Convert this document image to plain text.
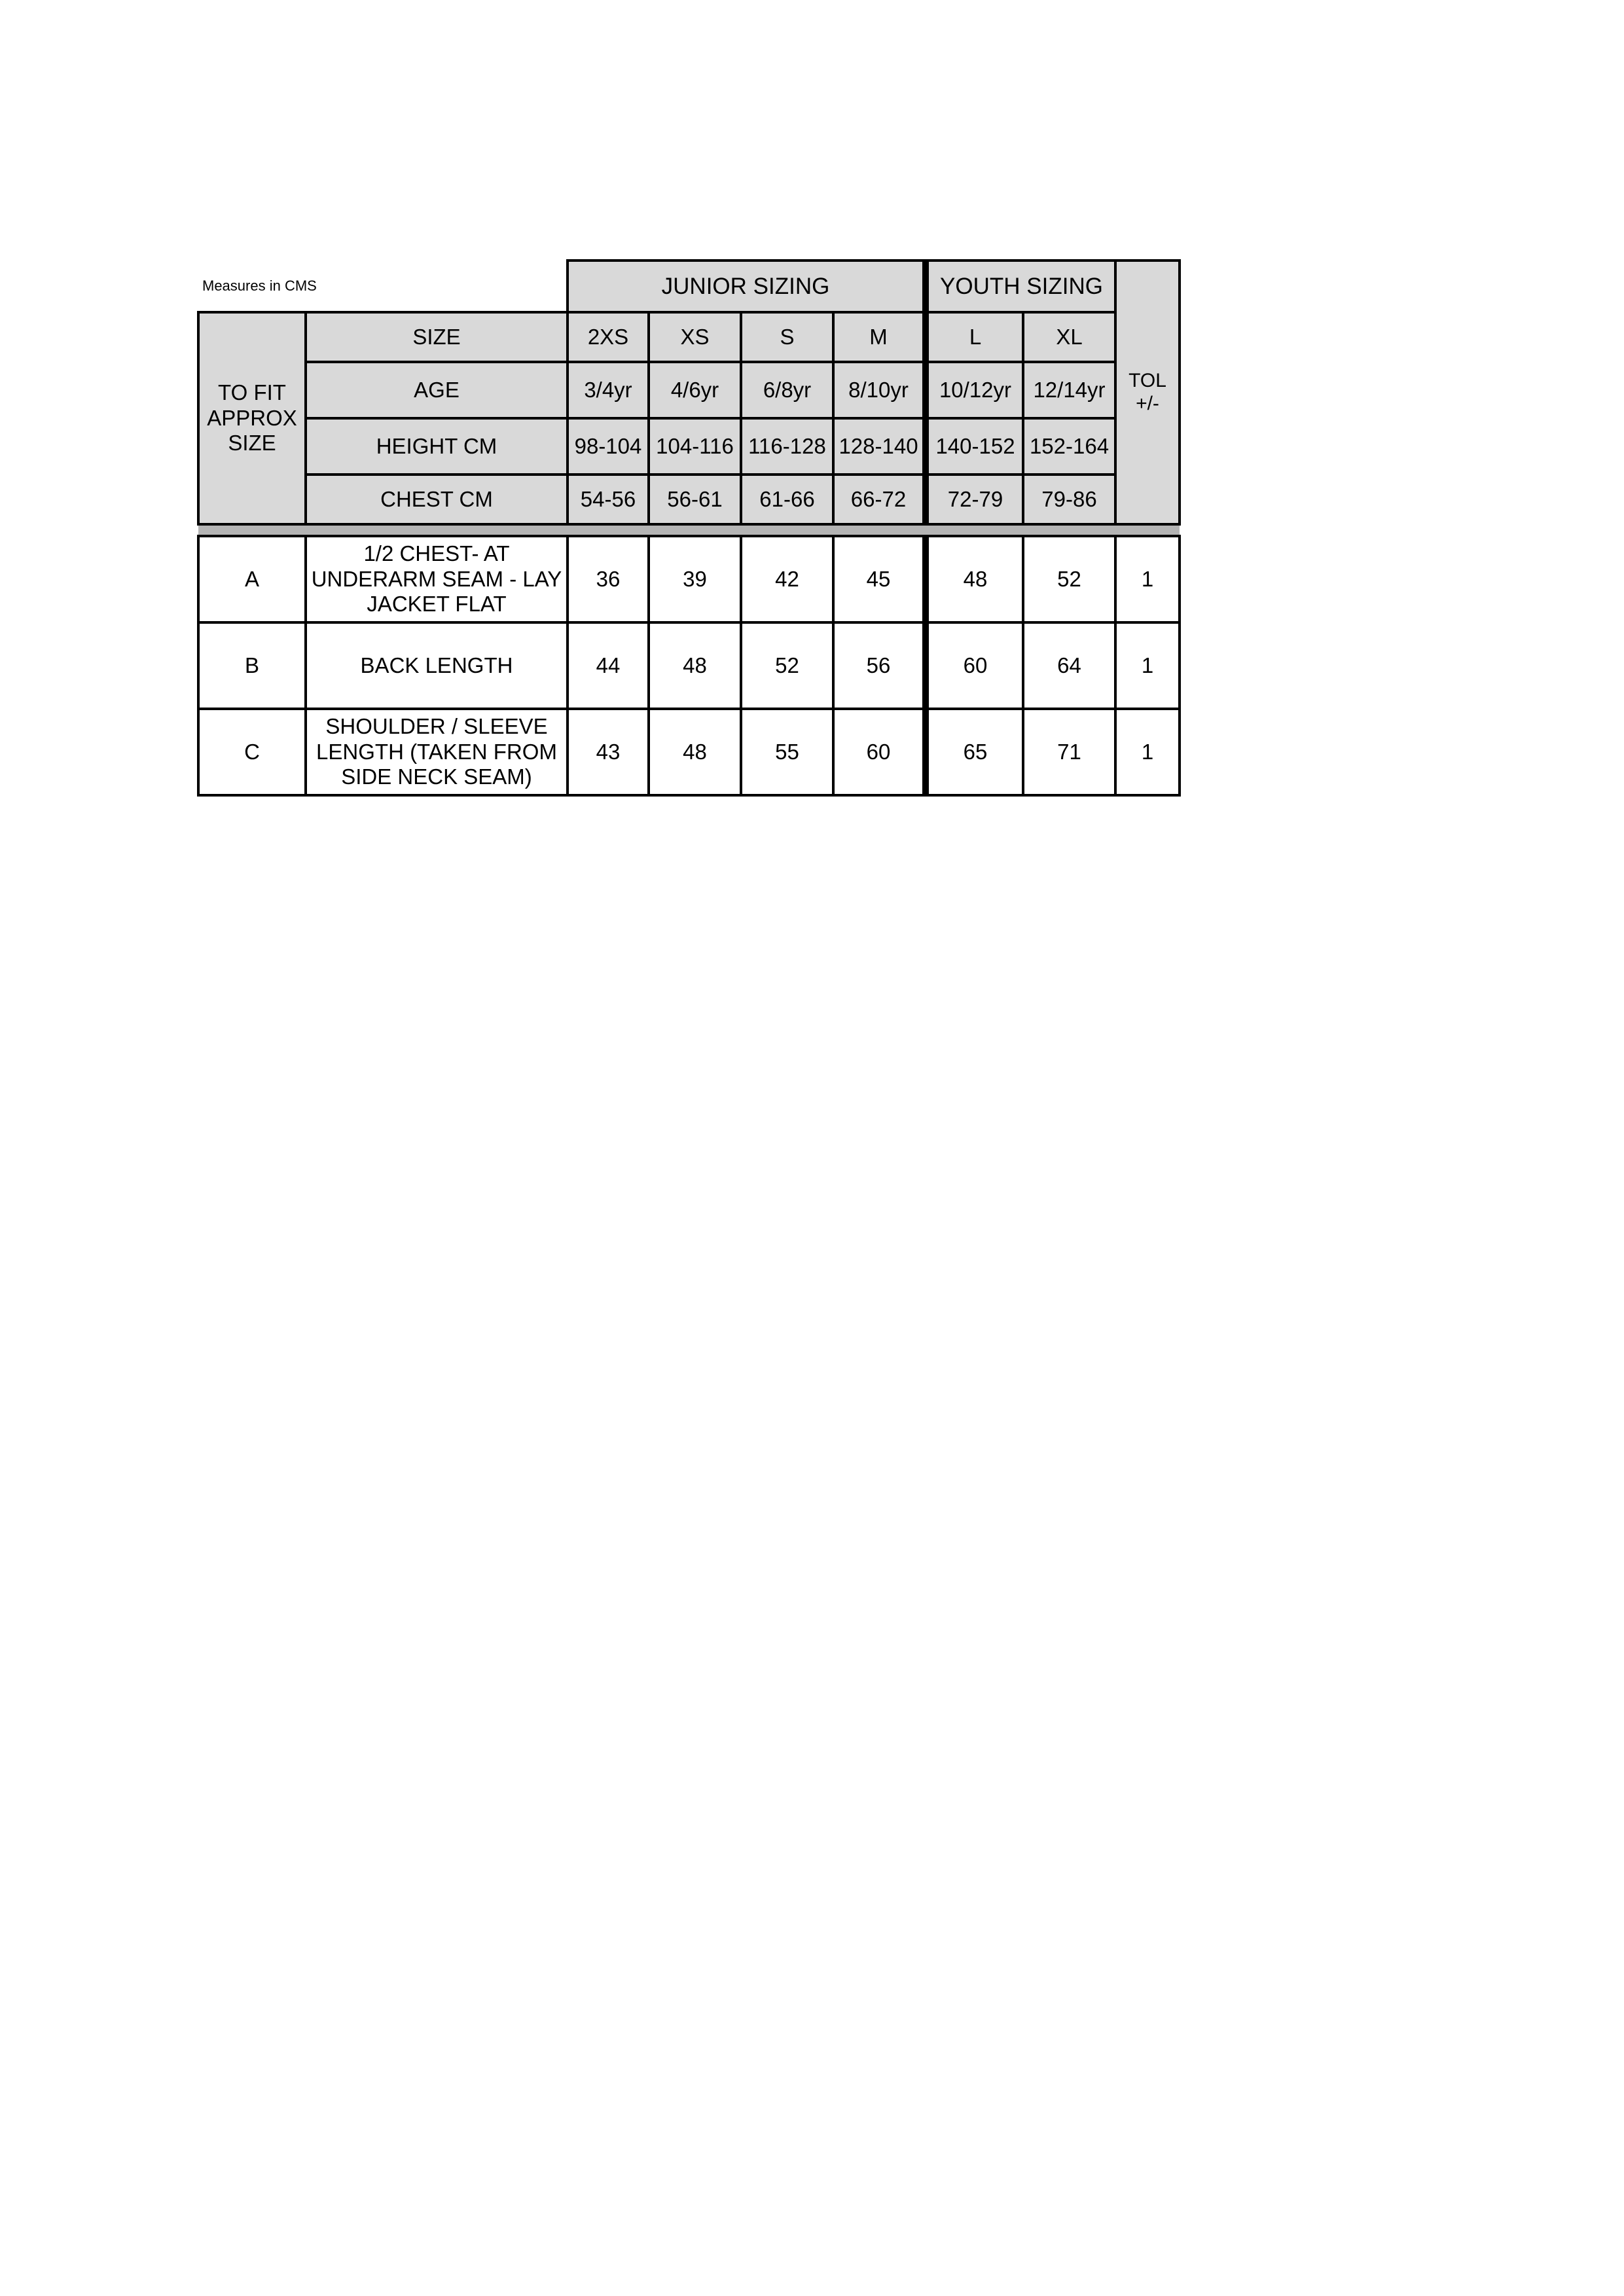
Measures in CMS		JUNIOR SIZING				YOUTH SIZING		TOL
+/-

TO FIT
APPROX
SIZE	SIZE	2XS	XS	S	M	L	XL	
	AGE	3/4yr	4/6yr	6/8yr	8/10yr	10/12yr	12/14yr	
	HEIGHT CM	98-104	104-116	116-128	128-140	140-152	152-164	
	CHEST CM	54-56	56-61	61-66	66-72	72-79	79-86	

A	1/2 CHEST- AT
UNDERARM SEAM - LAY
JACKET FLAT	36	39	42	45	48	52	1
B	BACK LENGTH	44	48	52	56	60	64	1
C	SHOULDER / SLEEVE
LENGTH (TAKEN FROM
SIDE NECK SEAM)	43	48	55	60	65	71	1
